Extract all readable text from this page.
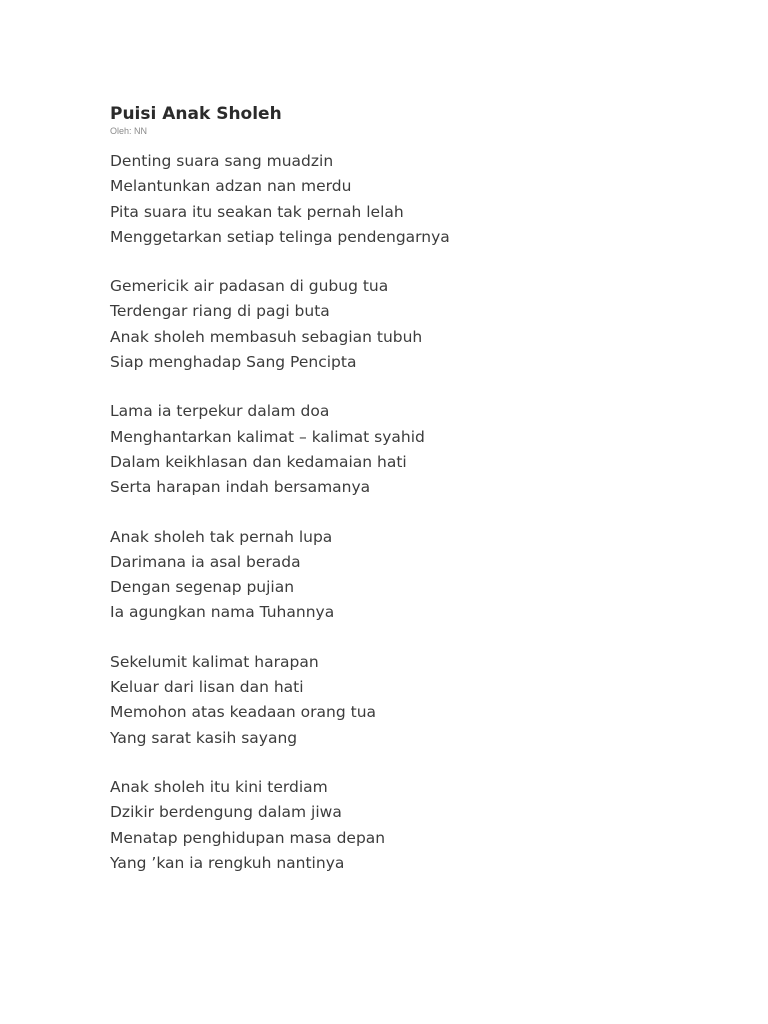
Puisi Anak Sholeh
Oleh: NN
Denting suara sang muadzin
Melantunkan adzan nan merdu
Pita suara itu seakan tak pernah lelah
Menggetarkan setiap telinga pendengarnya
Gemericik air padasan di gubug tua
Terdengar riang di pagi buta
Anak sholeh membasuh sebagian tubuh
Siap menghadap Sang Pencipta
Lama ia terpekur dalam doa
Menghantarkan kalimat – kalimat syahid
Dalam keikhlasan dan kedamaian hati
Serta harapan indah bersamanya
Anak sholeh tak pernah lupa
Darimana ia asal berada
Dengan segenap pujian
Ia agungkan nama Tuhannya
Sekelumit kalimat harapan
Keluar dari lisan dan hati
Memohon atas keadaan orang tua
Yang sarat kasih sayang
Anak sholeh itu kini terdiam
Dzikir berdengung dalam jiwa
Menatap penghidupan masa depan
Yang ’kan ia rengkuh nantinya
